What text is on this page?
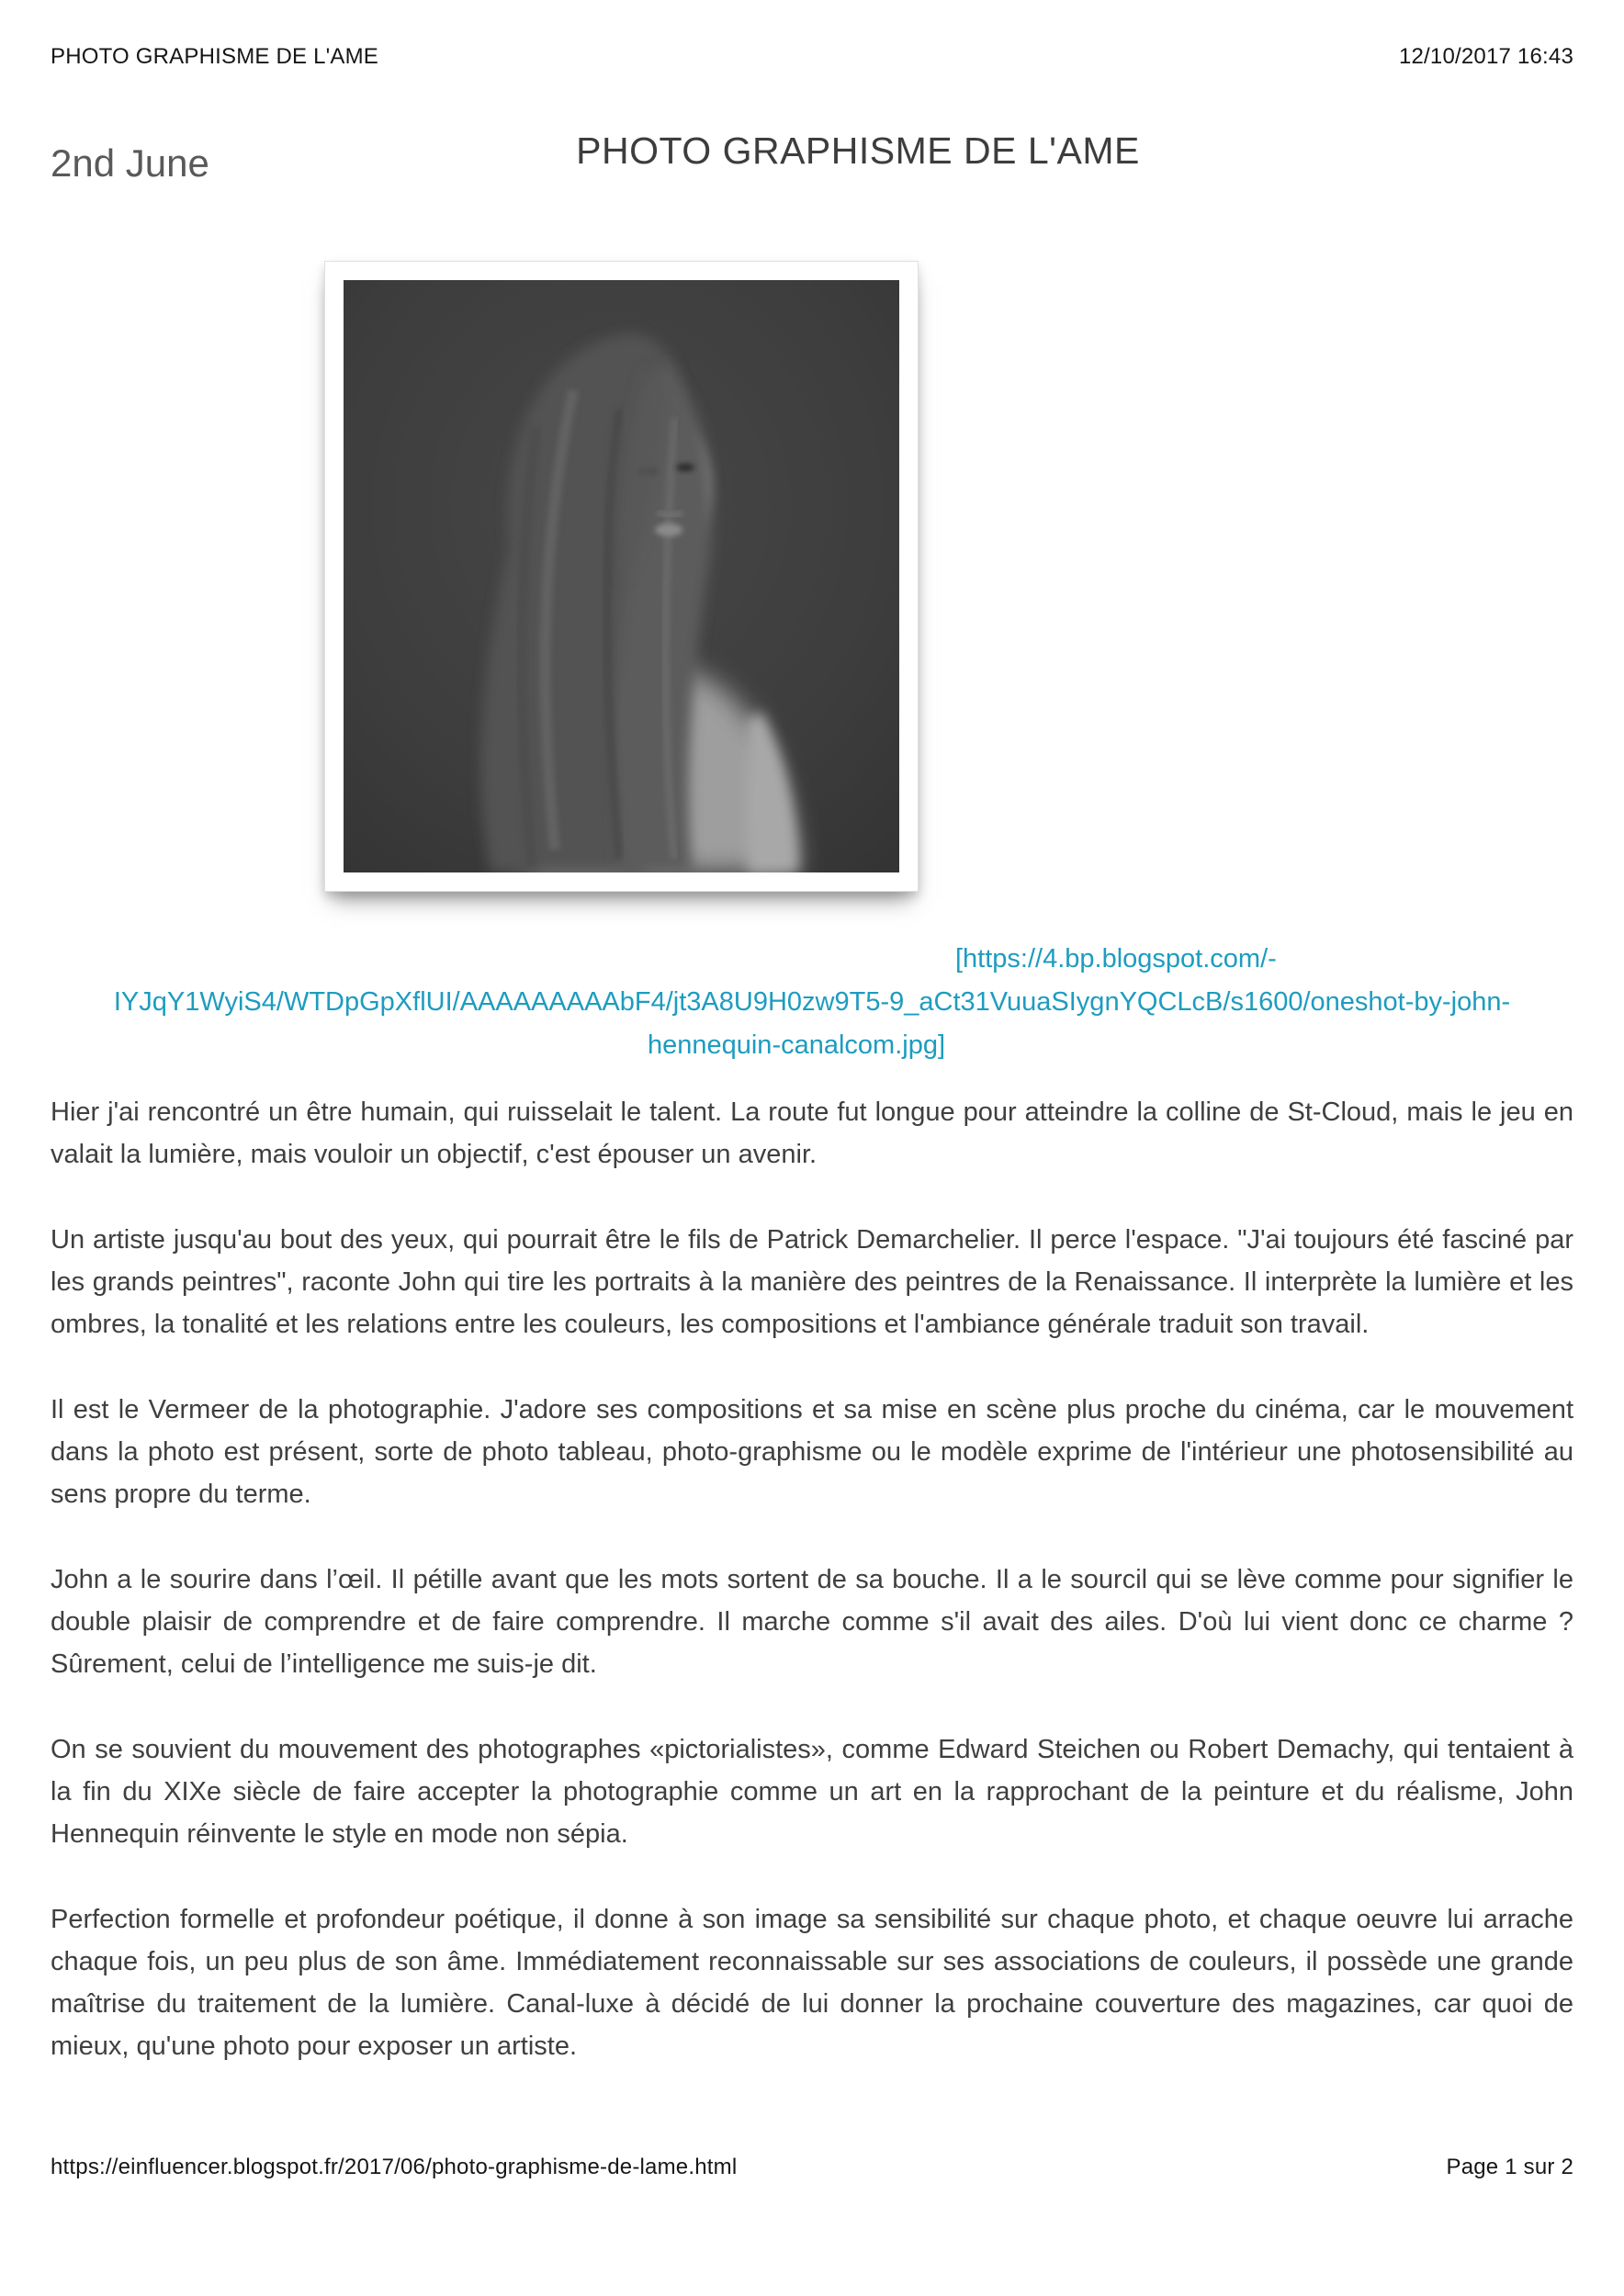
PHOTO GRAPHISME DE L'AME	12/10/2017 16:43
2nd June	PHOTO GRAPHISME DE L'AME
[https://4.bp.blogspot.com/-
IYJqY1WyiS4/WTDpGpXflUI/AAAAAAAAAbF4/jt3A8U9H0zw9T5-9_aCt31VuuaSIygnYQCLcB/s1600/oneshot-by-john-
hennequin-canalcom.jpg]

Hier j'ai rencontré un être humain, qui ruisselait le talent. La route fut longue pour atteindre la colline de St-Cloud, mais le jeu en valait la lumière, mais vouloir un objectif, c'est épouser un avenir.

Un artiste jusqu'au bout des yeux, qui pourrait être le fils de Patrick Demarchelier. Il perce l'espace. "J'ai toujours été fasciné par les grands peintres", raconte John qui tire les portraits à la manière des peintres de la Renaissance. Il interprète la lumière et les ombres, la tonalité et les relations entre les couleurs, les compositions et l'ambiance générale traduit son travail.

Il est le Vermeer de la photographie. J'adore ses compositions et sa mise en scène plus proche du cinéma, car le mouvement dans la photo est présent, sorte de photo tableau, photo-graphisme ou le modèle exprime de l'intérieur une photosensibilité au sens propre du terme.

John a le sourire dans l’œil. Il pétille avant que les mots sortent de sa bouche. Il a le sourcil qui se lève comme pour signifier le double plaisir de comprendre et de faire comprendre. Il marche comme s'il avait des ailes. D'où lui vient donc ce charme ? Sûrement, celui de l’intelligence me suis-je dit.

On se souvient du mouvement des photographes «pictorialistes», comme Edward Steichen ou Robert Demachy, qui tentaient à la fin du XIXe siècle de faire accepter la photographie comme un art en la rapprochant de la peinture et du réalisme, John Hennequin réinvente le style en mode non sépia.

Perfection formelle et profondeur poétique, il donne à son image sa sensibilité sur chaque photo, et chaque oeuvre lui arrache chaque fois, un peu plus de son âme. Immédiatement reconnaissable sur ses associations de couleurs, il possède une grande maîtrise du traitement de la lumière. Canal-luxe à décidé de lui donner la prochaine couverture des magazines, car quoi de mieux, qu'une photo pour exposer un artiste.

https://einfluencer.blogspot.fr/2017/06/photo-graphisme-de-lame.html	Page 1 sur 2
